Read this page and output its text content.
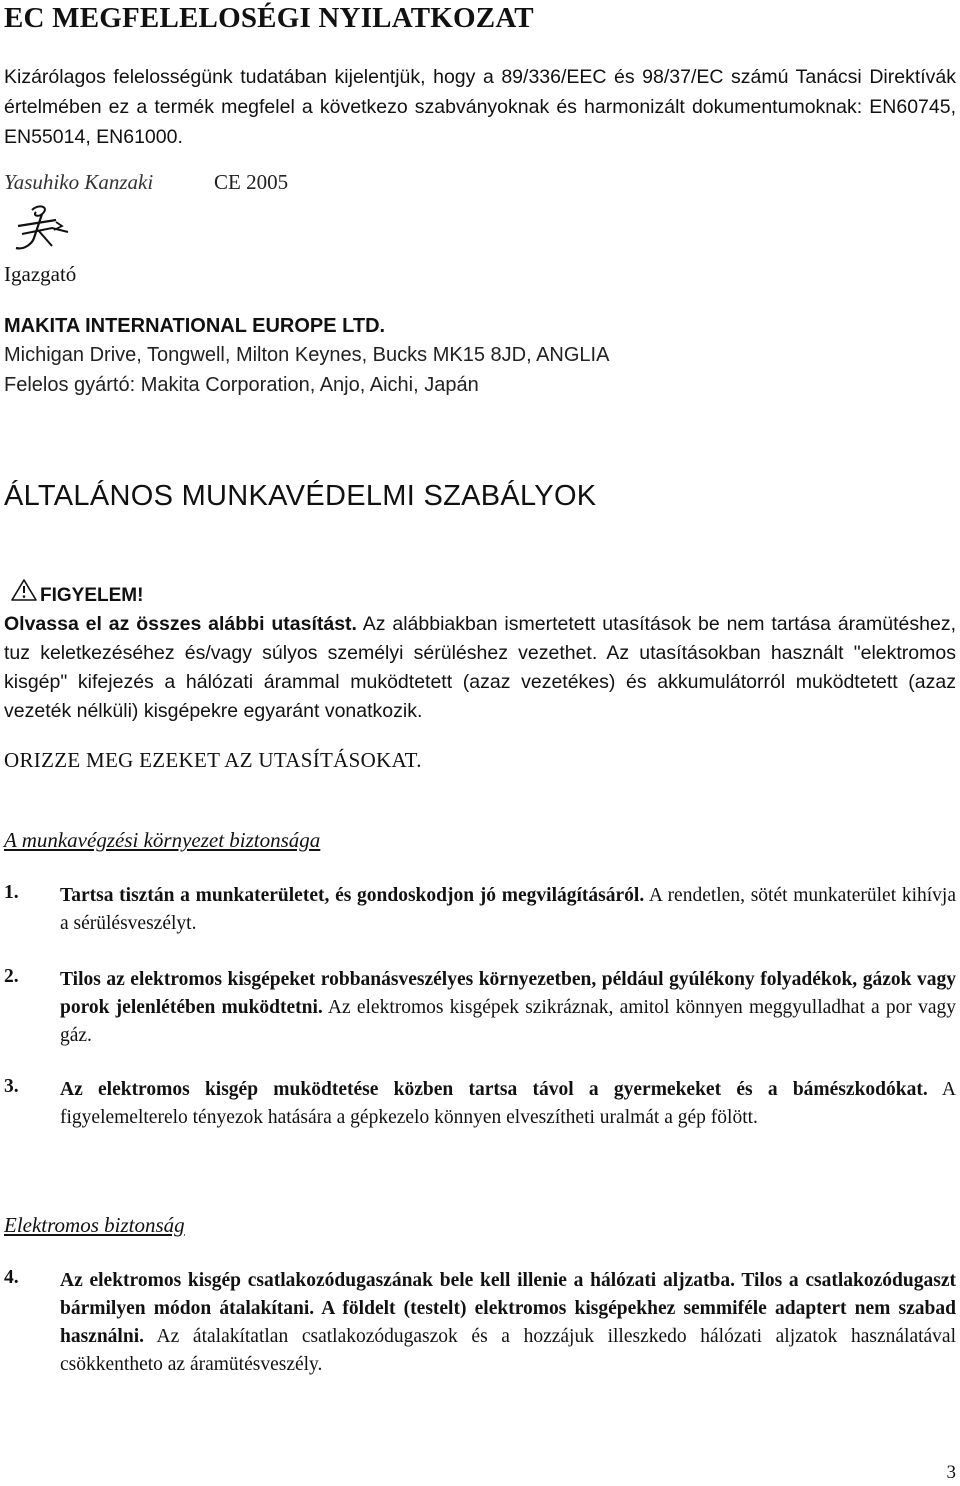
EC MEGFELELOSÉGI NYILATKOZAT
Kizárólagos felelosségünk tudatában kijelentjük, hogy a 89/336/EEC és 98/37/EC számú Tanácsi Direktívák értelmében ez a termék megfelel a következo szabványoknak és harmonizált dokumentumoknak: EN60745, EN55014, EN61000.
Yasuhiko Kanzaki	CE 2005
Igazgató
MAKITA INTERNATIONAL EUROPE LTD.
Michigan Drive, Tongwell, Milton Keynes, Bucks MK15 8JD, ANGLIA
Felelos gyártó: Makita Corporation, Anjo, Aichi, Japán
ÁLTALÁNOS MUNKAVÉDELMI SZABÁLYOK
FIGYELEM!
Olvassa el az összes alábbi utasítást. Az alábbiakban ismertetett utasítások be nem tartása áramütéshez, tuz keletkezéséhez és/vagy súlyos személyi sérüléshez vezethet. Az utasításokban használt "elektromos kisgép" kifejezés a hálózati árammal muködtetett (azaz vezetékes) és akkumulátorról muködtetett (azaz vezeték nélküli) kisgépekre egyaránt vonatkozik.
ORIZZE MEG EZEKET AZ UTASÍTÁSOKAT.
A munkavégzési környezet biztonsága
1. Tartsa tisztán a munkaterületet, és gondoskodjon jó megvilágításáról. A rendetlen, sötét munkaterület kihívja a sérülésveszélyt.
2. Tilos az elektromos kisgépeket robbanásveszélyes környezetben, például gyúlékony folyadékok, gázok vagy porok jelenlétében muködtetni. Az elektromos kisgépek szikráznak, amitol könnyen meggyulladhat a por vagy gáz.
3. Az elektromos kisgép muködtetése közben tartsa távol a gyermekeket és a bámészkodókat. A figyelemelterelo tényezok hatására a gépkezelo könnyen elveszítheti uralmát a gép fölött.
Elektromos biztonság
4. Az elektromos kisgép csatlakozódugaszának bele kell illenie a hálózati aljzatba. Tilos a csatlakozódugaszt bármilyen módon átalakítani. A földelt (testelt) elektromos kisgépekhez semmiféle adaptert nem szabad használni. Az átalakítatlan csatlakozódugaszok és a hozzájuk illeszkedo hálózati aljzatok használatával csökkentheto az áramütésveszély.
3
